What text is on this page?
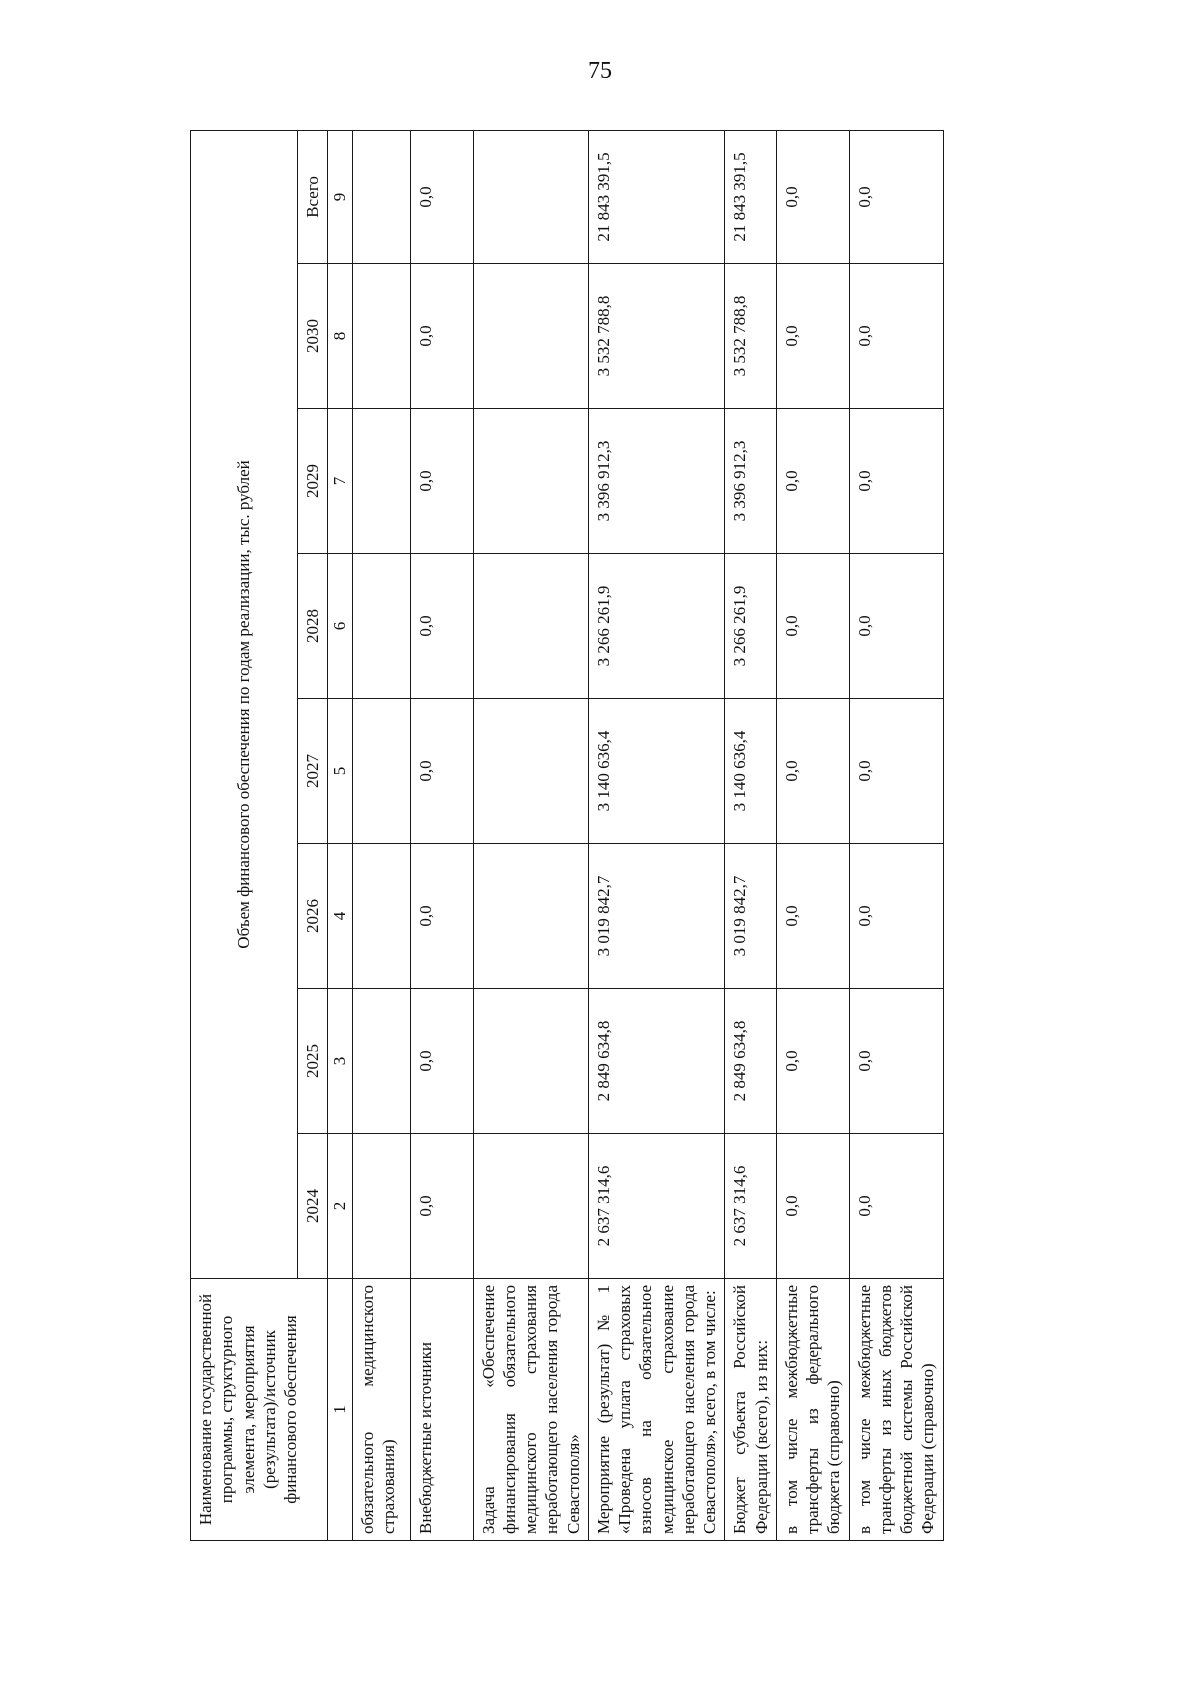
75
Наименование государственной программы, структурного элемента, мероприятия (результата)/источник финансового обеспечения	Объем финансового обеспечения по годам реализации, тыс. рублей							
	2024	2025	2026	2027	2028	2029	2030	Всего
1	2	3	4	5	6	7	8	9
обязательного медицинского страхования)								
Внебюджетные источники	0,0	0,0	0,0	0,0	0,0	0,0	0,0	0,0
Задача «Обеспечение финансирования обязательного медицинского страхования неработающего населения города Севастополя»								
Мероприятие (результат) № 1 «Проведена уплата страховых взносов на обязательное медицинское страхование неработающего населения города Севастополя», всего, в том числе:	2 637 314,6	2 849 634,8	3 019 842,7	3 140 636,4	3 266 261,9	3 396 912,3	3 532 788,8	21 843 391,5
Бюджет субъекта Российской Федерации (всего), из них:	2 637 314,6	2 849 634,8	3 019 842,7	3 140 636,4	3 266 261,9	3 396 912,3	3 532 788,8	21 843 391,5
в том числе межбюджетные трансферты из федерального бюджета (справочно)	0,0	0,0	0,0	0,0	0,0	0,0	0,0	0,0
в том числе межбюджетные трансферты из иных бюджетов бюджетной системы Российской Федерации (справочно)	0,0	0,0	0,0	0,0	0,0	0,0	0,0	0,0
